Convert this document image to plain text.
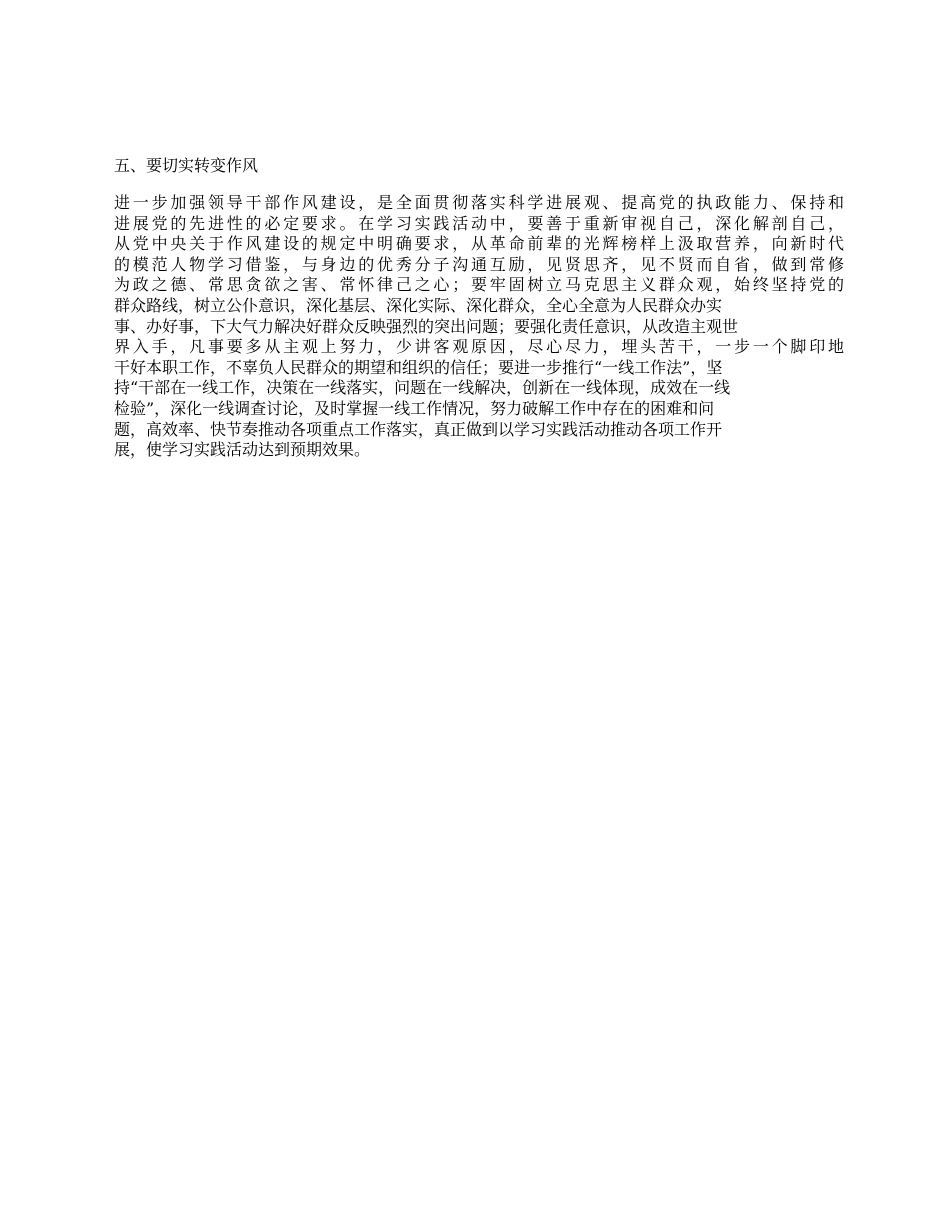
五、要切实转变作风

进一步加强领导干部作风建设，是全面贯彻落实科学进展观、提高党的执政能力、保持和
进展党的先进性的必定要求。在学习实践活动中，要善于重新审视自己，深化解剖自己，
从党中央关于作风建设的规定中明确要求，从革命前辈的光辉榜样上汲取营养，向新时代
的模范人物学习借鉴，与身边的优秀分子沟通互励，见贤思齐，见不贤而自省，做到常修
为政之德、常思贪欲之害、常怀律己之心；要牢固树立马克思主义群众观，始终坚持党的
群众路线，树立公仆意识，深化基层、深化实际、深化群众，全心全意为人民群众办实
事、办好事，下大气力解决好群众反映强烈的突出问题；要强化责任意识，从改造主观世
界入手，凡事要多从主观上努力，少讲客观原因，尽心尽力，埋头苦干，一步一个脚印地
干好本职工作，不辜负人民群众的期望和组织的信任；要进一步推行“一线工作法”，坚
持“干部在一线工作，决策在一线落实，问题在一线解决，创新在一线体现，成效在一线
检验”，深化一线调查讨论，及时掌握一线工作情况，努力破解工作中存在的困难和问
题，高效率、快节奏推动各项重点工作落实，真正做到以学习实践活动推动各项工作开
展，使学习实践活动达到预期效果。
